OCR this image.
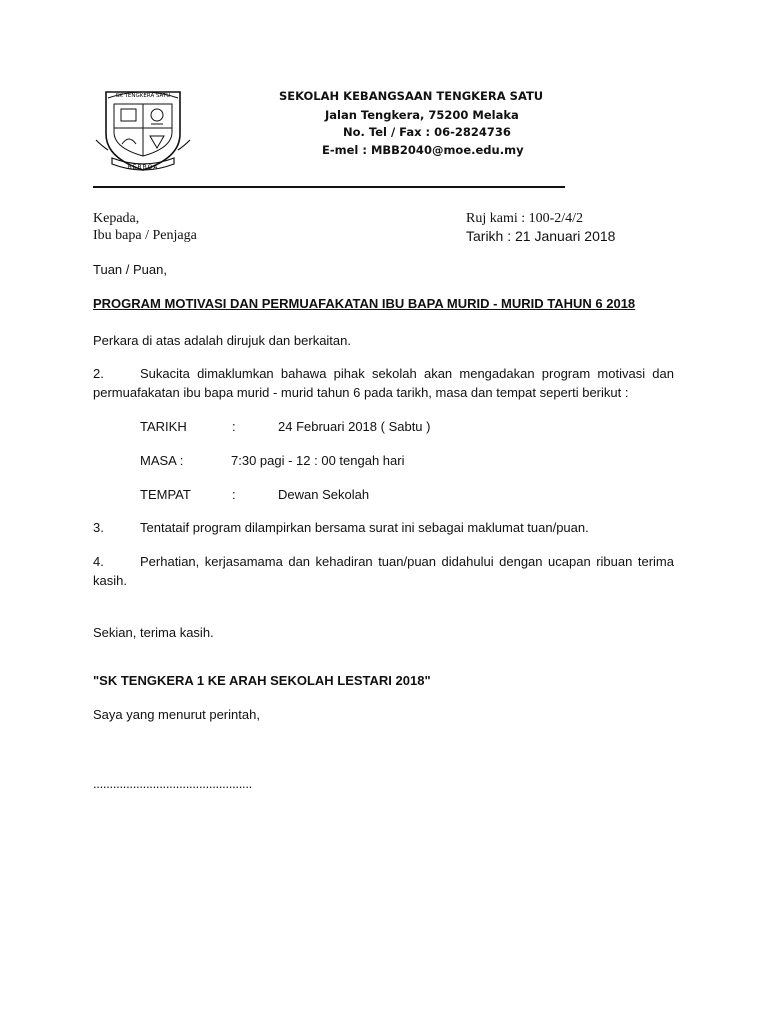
SK TENGKERA SATU
BERBOA
SEKOLAH KEBANGSAAN TENGKERA SATU
Jalan Tengkera, 75200 Melaka
No. Tel / Fax : 06-2824736
E-mel : MBB2040@moe.edu.my
Kepada,
Ibu bapa / Penjaga
Ruj kami : 100-2/4/2
Tarikh : 21 Januari 2018
Tuan / Puan,
PROGRAM MOTIVASI DAN PERMUAFAKATAN IBU BAPA MURID - MURID TAHUN 6 2018
Perkara di atas adalah dirujuk dan berkaitan.
2.	Sukacita dimaklumkan bahawa pihak sekolah akan mengadakan program motivasi dan
permuafakatan ibu bapa murid - murid tahun 6 pada tarikh, masa dan tempat seperti berikut :
TARIKH	:	24 Februari 2018 ( Sabtu )
MASA :	7:30 pagi - 12 : 00 tengah hari
TEMPAT	:	Dewan Sekolah
3.	Tentataif program dilampirkan bersama surat ini sebagai maklumat tuan/puan.
4.	Perhatian, kerjasamama dan kehadiran tuan/puan didahului dengan ucapan ribuan terima
kasih.
Sekian, terima kasih.
"SK TENGKERA 1 KE ARAH SEKOLAH LESTARI 2018"
Saya yang menurut perintah,
................................................
